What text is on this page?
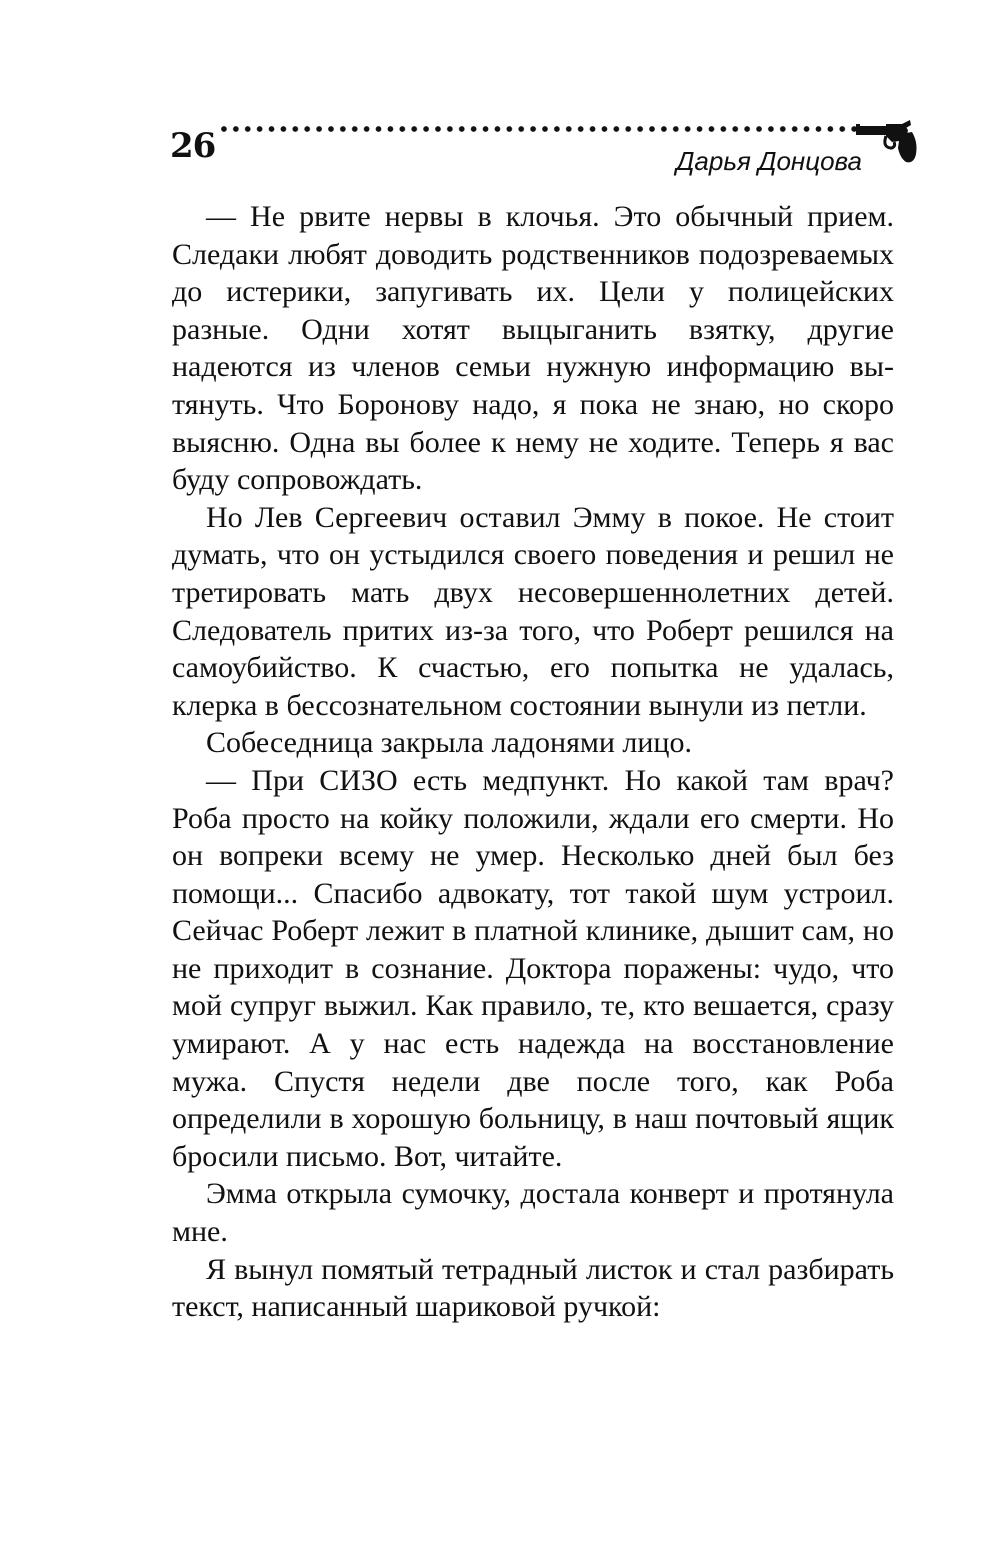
26	Дарья Донцова

— Не рвите нервы в клочья. Это обычный прием. Следаки любят доводить родственников подозреваемых до истерики, запугивать их. Цели у полицейских разные. Одни хотят выцыганить взятку, другие надеются из членов семьи нужную информацию вытянуть. Что Боронову надо, я пока не знаю, но скоро выясню. Одна вы более к нему не ходите. Теперь я вас буду сопровождать.

Но Лев Сергеевич оставил Эмму в покое. Не стоит думать, что он устыдился своего поведения и решил не третировать мать двух несовершеннолетних детей. Следователь притих из-за того, что Роберт решился на самоубийство. К счастью, его попытка не удалась, клерка в бессознательном состоянии вынули из петли.

Собеседница закрыла ладонями лицо.

— При СИЗО есть медпункт. Но какой там врач? Роба просто на койку положили, ждали его смерти. Но он вопреки всему не умер. Несколько дней был без помощи... Спасибо адвокату, тот такой шум устроил. Сейчас Роберт лежит в платной клинике, дышит сам, но не приходит в сознание. Доктора поражены: чудо, что мой супруг выжил. Как правило, те, кто вешается, сразу умирают. А у нас есть надежда на восстановление мужа. Спустя недели две после того, как Роба определили в хорошую больницу, в наш почтовый ящик бросили письмо. Вот, читайте.

Эмма открыла сумочку, достала конверт и протянула мне.

Я вынул помятый тетрадный листок и стал разбирать текст, написанный шариковой ручкой:
